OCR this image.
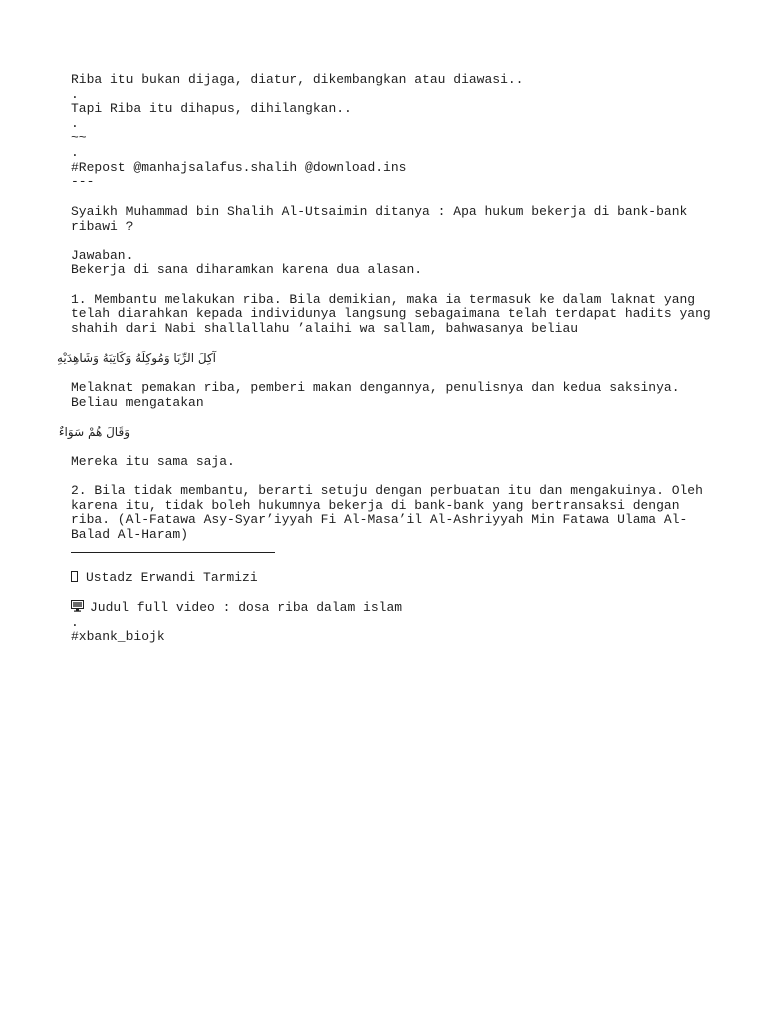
Riba itu bukan dijaga, diatur, dikembangkan atau diawasi..
.
Tapi Riba itu dihapus, dihilangkan..
.
~~
.
#Repost @manhajsalafus.shalih @download.ins
---
Syaikh Muhammad bin Shalih Al-Utsaimin ditanya : Apa hukum bekerja di bank-bank
ribawi ?
Jawaban.
Bekerja di sana diharamkan karena dua alasan.
1. Membantu melakukan riba. Bila demikian, maka ia termasuk ke dalam laknat yang
telah diarahkan kepada individunya langsung sebagaimana telah terdapat hadits yang
shahih dari Nabi shallallahu ’alaihi wa sallam, bahwasanya beliau
آكِلَ الرِّبَا وَمُوكِلَهُ وَكَاتِبَهُ وَشَاهِدَيْهِ
Melaknat pemakan riba, pemberi makan dengannya, penulisnya dan kedua saksinya.
Beliau mengatakan
وَقَالَ هُمْ سَوَاءٌ
Mereka itu sama saja.
2. Bila tidak membantu, berarti setuju dengan perbuatan itu dan mengakuinya. Oleh
karena itu, tidak boleh hukumnya bekerja di bank-bank yang bertransaksi dengan
riba. (Al-Fatawa Asy-Syar’iyyah Fi Al-Masa’il Al-Ashriyyah Min Fatawa Ulama Al-
Balad Al-Haram)
Ustadz Erwandi Tarmizi
Judul full video : dosa riba dalam islam
.
#xbank_biojk
